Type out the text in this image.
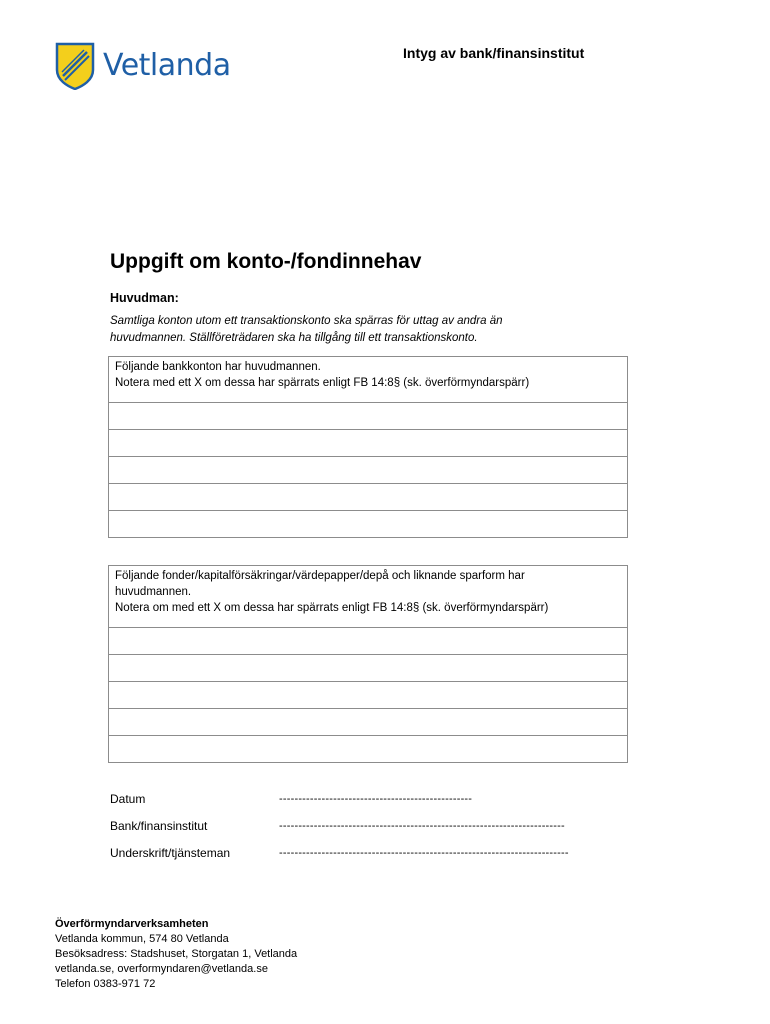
Vetlanda	Intyg av bank/finansinstitut
Uppgift om konto-/fondinnehav
Huvudman:
Samtliga konton utom ett transaktionskonto ska spärras för uttag av andra än
huvudmannen. Ställföreträdaren ska ha tillgång till ett transaktionskonto.
Följande bankkonton har huvudmannen.
Notera med ett X om dessa har spärrats enligt FB 14:8§ (sk. överförmyndarspärr)
Följande fonder/kapitalförsäkringar/värdepapper/depå och liknande sparform har
huvudmannen.
Notera om med ett X om dessa har spärrats enligt FB 14:8§ (sk. överförmyndarspärr)
Datum	--------------------------------------------------
Bank/finansinstitut	--------------------------------------------------------------------------
Underskrift/tjänsteman	---------------------------------------------------------------------------
Överförmyndarverksamheten
Vetlanda kommun, 574 80 Vetlanda
Besöksadress: Stadshuset, Storgatan 1, Vetlanda
vetlanda.se, overformyndaren@vetlanda.se
Telefon 0383-971 72
